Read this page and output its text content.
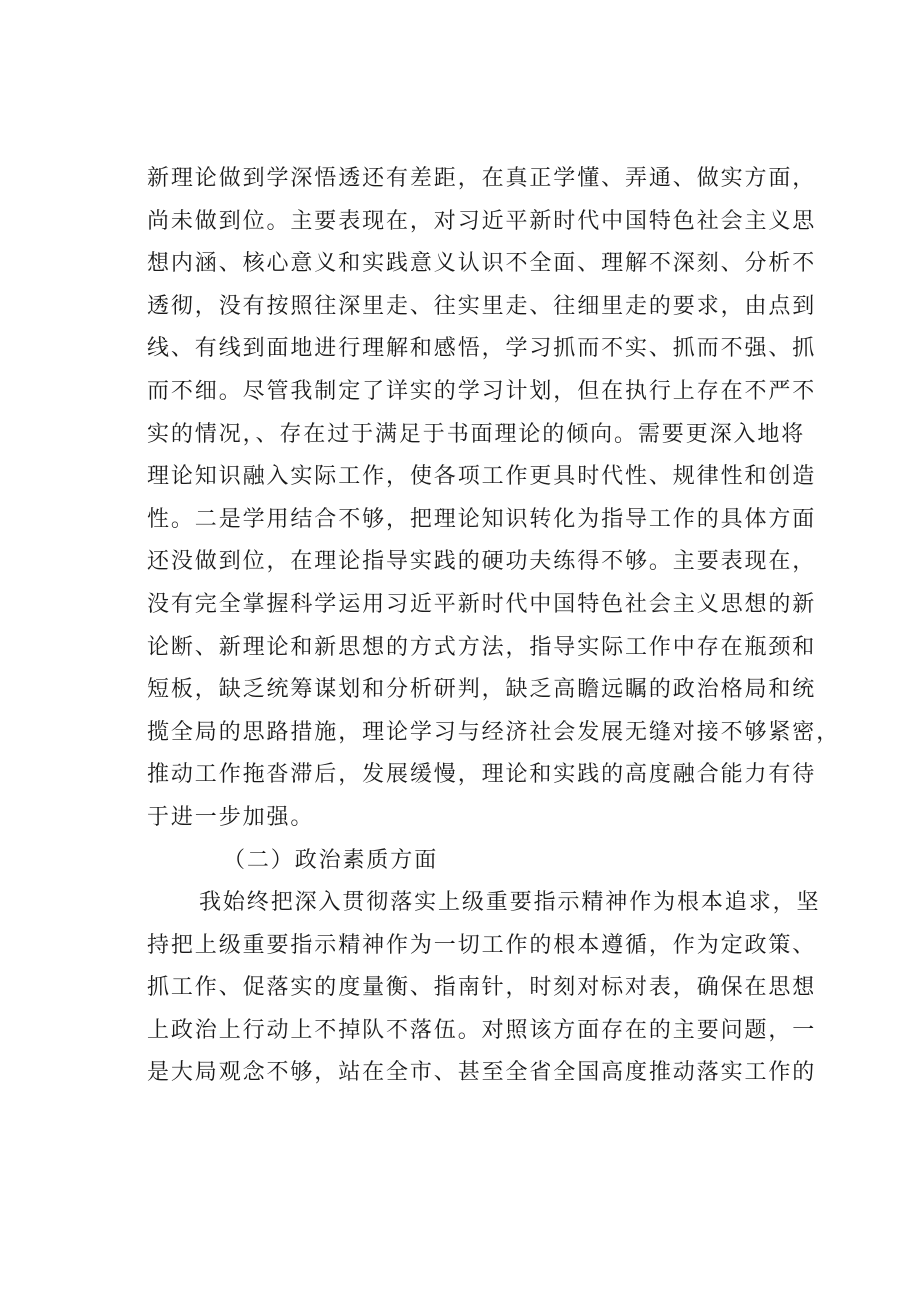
新理论做到学深悟透还有差距，在真正学懂、弄通、做实方面，
尚未做到位。主要表现在，对习近平新时代中国特色社会主义思
想内涵、核心意义和实践意义认识不全面、理解不深刻、分析不
透彻，没有按照往深里走、往实里走、往细里走的要求，由点到
线、有线到面地进行理解和感悟，学习抓而不实、抓而不强、抓
而不细。尽管我制定了详实的学习计划，但在执行上存在不严不
实的情况，、存在过于满足于书面理论的倾向。需要更深入地将
理论知识融入实际工作，使各项工作更具时代性、规律性和创造
性。二是学用结合不够，把理论知识转化为指导工作的具体方面
还没做到位，在理论指导实践的硬功夫练得不够。主要表现在，
没有完全掌握科学运用习近平新时代中国特色社会主义思想的新
论断、新理论和新思想的方式方法，指导实际工作中存在瓶颈和
短板，缺乏统筹谋划和分析研判，缺乏高瞻远瞩的政治格局和统
揽全局的思路措施，理论学习与经济社会发展无缝对接不够紧密，
推动工作拖沓滞后，发展缓慢，理论和实践的高度融合能力有待
于进一步加强。
（二）政治素质方面
我始终把深入贯彻落实上级重要指示精神作为根本追求，坚
持把上级重要指示精神作为一切工作的根本遵循，作为定政策、
抓工作、促落实的度量衡、指南针，时刻对标对表，确保在思想
上政治上行动上不掉队不落伍。对照该方面存在的主要问题，一
是大局观念不够，站在全市、甚至全省全国高度推动落实工作的
